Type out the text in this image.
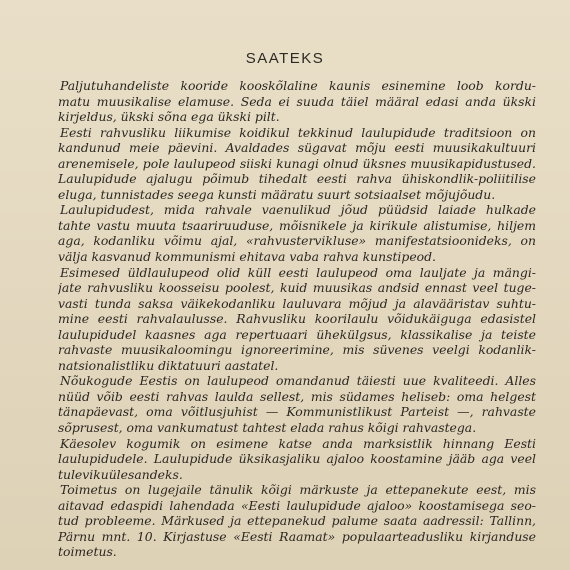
SAATEKS
Paljutuhandeliste kooride kooskõlaline kaunis esinemine loob kordu-
matu muusikalise elamuse. Seda ei suuda täiel määral edasi anda ükski
kirjeldus, ükski sõna ega ükski pilt.
Eesti rahvusliku liikumise koidikul tekkinud laulupidude traditsioon on
kandunud meie päevini. Avaldades sügavat mõju eesti muusikakultuuri
arenemisele, pole laulupeod siiski kunagi olnud üksnes muusikapidustused.
Laulupidude ajalugu põimub tihedalt eesti rahva ühiskondlik-poliitilise
eluga, tunnistades seega kunsti määratu suurt sotsiaalset mõjujõudu.
Laulupidudest, mida rahvale vaenulikud jõud püüdsid laiade hulkade
tahte vastu muuta tsaariruuduse, mõisnikele ja kirikule alistumise, hiljem
aga, kodanliku võimu ajal, «rahvustervikluse» manifestatsioonideks, on
välja kasvanud kommunismi ehitava vaba rahva kunstipeod.
Esimesed üldlaulupeod olid küll eesti laulupeod oma lauljate ja mängi-
jate rahvusliku koosseisu poolest, kuid muusikas andsid ennast veel tuge-
vasti tunda saksa väikekodanliku lauluvara mõjud ja alavääristav suhtu-
mine eesti rahvalaulusse. Rahvusliku koorilaulu võidukäiguga edasistel
laulupidudel kaasnes aga repertuaari ühekülgsus, klassikalise ja teiste
rahvaste muusikaloomingu ignoreerimine, mis süvenes veelgi kodanlik-
natsionalistliku diktatuuri aastatel.
Nõukogude Eestis on laulupeod omandanud täiesti uue kvaliteedi. Alles
nüüd võib eesti rahvas laulda sellest, mis südames heliseb: oma helgest
tänapäevast, oma võitlusjuhist — Kommunistlikust Parteist —, rahvaste
sõprusest, oma vankumatust tahtest elada rahus kõigi rahvastega.
Käesolev kogumik on esimene katse anda marksistlik hinnang Eesti
laulupidudele. Laulupidude üksikasjaliku ajaloo koostamine jääb aga veel
tulevikuülesandeks.
Toimetus on lugejaile tänulik kõigi märkuste ja ettepanekute eest, mis
aitavad edaspidi lahendada «Eesti laulupidude ajaloo» koostamisega seo-
tud probleeme. Märkused ja ettepanekud palume saata aadressil: Tallinn,
Pärnu mnt. 10. Kirjastuse «Eesti Raamat» populaarteadusliku kirjanduse
toimetus.
